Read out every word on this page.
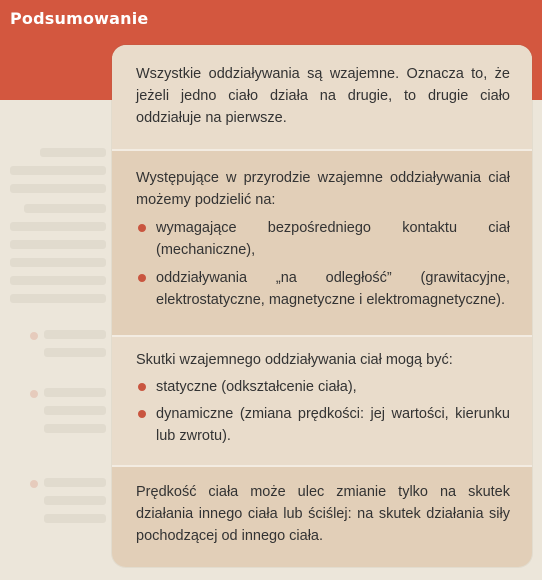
Podsumowanie

Wszystkie oddziaływania są wzajemne. Oznacza to, że jeżeli jedno ciało działa na drugie, to drugie ciało oddziałuje na pierwsze.

Występujące w przyrodzie wzajemne oddziaływania ciał możemy podzielić na:

wymagające bezpośredniego kontaktu ciał (mechaniczne),
oddziaływania „na odległość” (grawitacyjne, elektrostatyczne, magnetyczne i elektromagnetyczne).

Skutki wzajemnego oddziaływania ciał mogą być:

statyczne (odkształcenie ciała),
dynamiczne (zmiana prędkości: jej wartości, kierunku lub zwrotu).

Prędkość ciała może ulec zmianie tylko na skutek działania innego ciała lub ściślej: na skutek działania siły pochodzącej od innego ciała.
